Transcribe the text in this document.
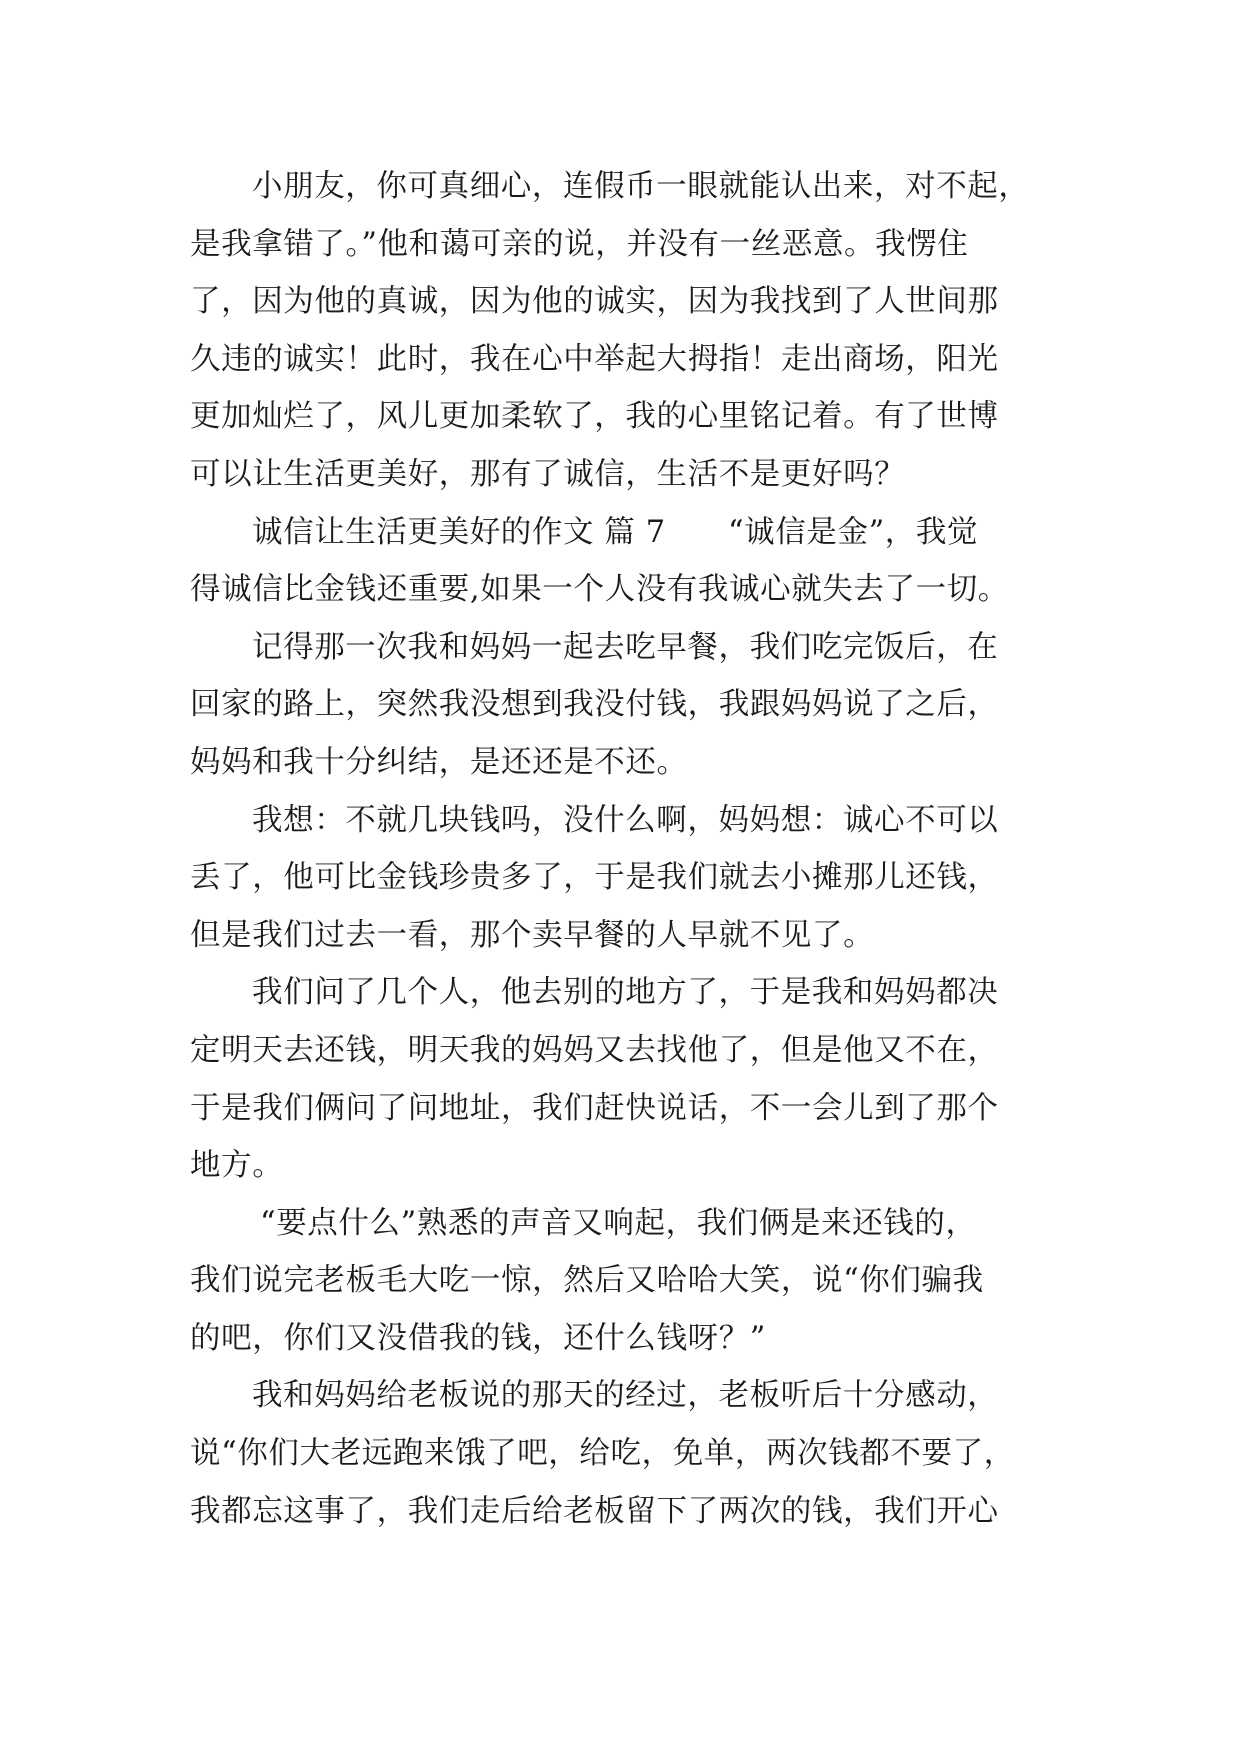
小朋友，你可真细心，连假币一眼就能认出来，对不起，
是我拿错了。”他和蔼可亲的说，并没有一丝恶意。我愣住
了，因为他的真诚，因为他的诚实，因为我找到了人世间那
久违的诚实！此时，我在心中举起大拇指！走出商场，阳光
更加灿烂了，风儿更加柔软了，我的心里铭记着。有了世博
可以让生活更美好，那有了诚信，生活不是更好吗？
诚信让生活更美好的作文 篇 7　　“诚信是金”，我觉
得诚信比金钱还重要,如果一个人没有我诚心就失去了一切。
记得那一次我和妈妈一起去吃早餐，我们吃完饭后，在
回家的路上，突然我没想到我没付钱，我跟妈妈说了之后，
妈妈和我十分纠结，是还还是不还。
我想：不就几块钱吗，没什么啊，妈妈想：诚心不可以
丢了，他可比金钱珍贵多了，于是我们就去小摊那儿还钱，
但是我们过去一看，那个卖早餐的人早就不见了。
我们问了几个人，他去别的地方了，于是我和妈妈都决
定明天去还钱，明天我的妈妈又去找他了，但是他又不在，
于是我们俩问了问地址，我们赶快说话，不一会儿到了那个
地方。
“要点什么”熟悉的声音又响起，我们俩是来还钱的，
我们说完老板毛大吃一惊，然后又哈哈大笑，说“你们骗我
的吧，你们又没借我的钱，还什么钱呀？”
我和妈妈给老板说的那天的经过，老板听后十分感动，
说“你们大老远跑来饿了吧，给吃，免单，两次钱都不要了，
我都忘这事了，我们走后给老板留下了两次的钱，我们开心
